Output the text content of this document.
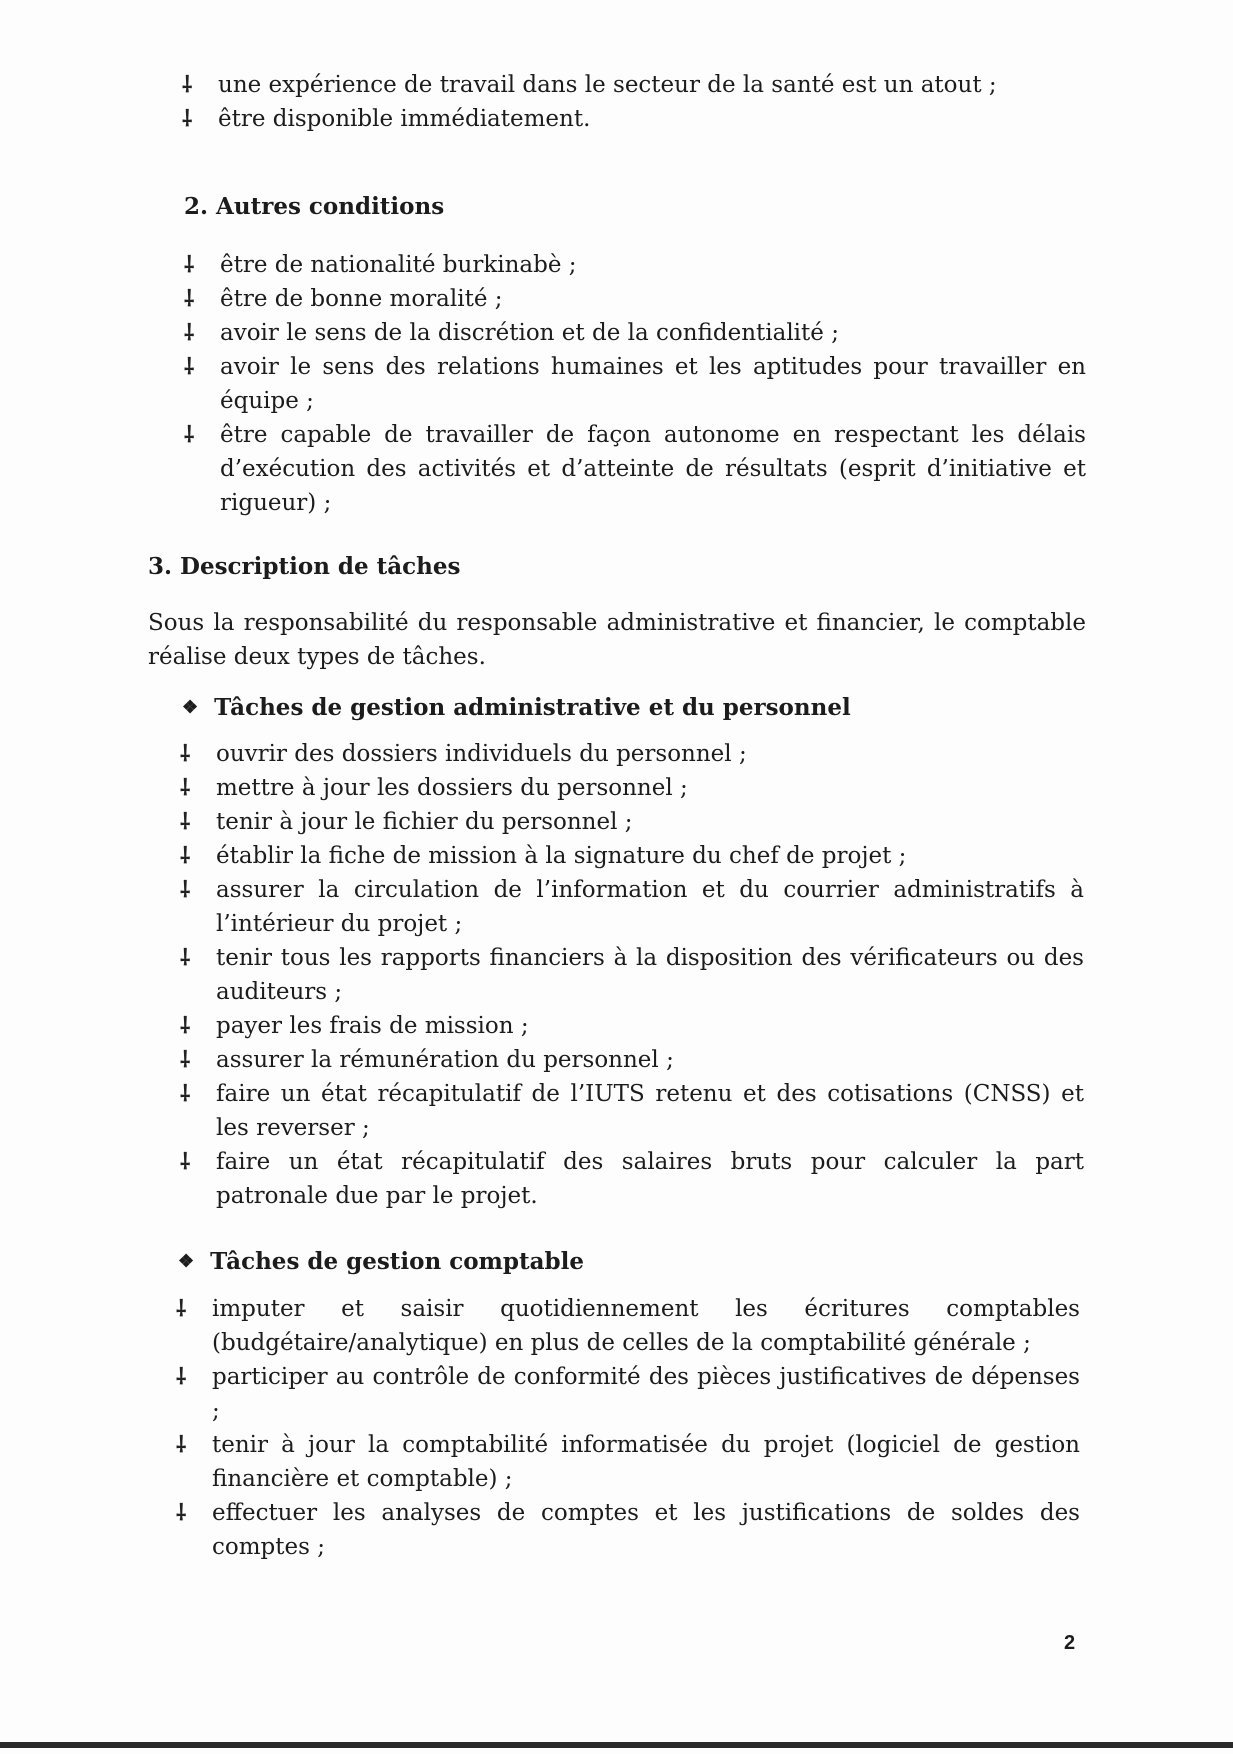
⸸ une expérience de travail dans le secteur de la santé est un atout ;
⸸ être disponible immédiatement.
2. Autres conditions
⸸ être de nationalité burkinabè ;
⸸ être de bonne moralité ;
⸸ avoir le sens de la discrétion et de la confidentialité ;
⸸ avoir le sens des relations humaines et les aptitudes pour travailler en équipe ;
⸸ être capable de travailler de façon autonome en respectant les délais d’exécution des activités et d’atteinte de résultats (esprit d’initiative et rigueur) ;
3. Description de tâches
Sous la responsabilité du responsable administrative et financier, le comptable réalise deux types de tâches.
❖ Tâches de gestion administrative et du personnel
⸸ ouvrir des dossiers individuels du personnel ;
⸸ mettre à jour les dossiers du personnel ;
⸸ tenir à jour le fichier du personnel ;
⸸ établir la fiche de mission à la signature du chef de projet ;
⸸ assurer la circulation de l’information et du courrier administratifs à l’intérieur du projet ;
⸸ tenir tous les rapports financiers à la disposition des vérificateurs ou des auditeurs ;
⸸ payer les frais de mission ;
⸸ assurer la rémunération du personnel ;
⸸ faire un état récapitulatif de l’IUTS retenu et des cotisations (CNSS) et les reverser ;
⸸ faire un état récapitulatif des salaires bruts pour calculer la part patronale due par le projet.
❖ Tâches de gestion comptable
⸸ imputer et saisir quotidiennement les écritures comptables (budgétaire/analytique) en plus de celles de la comptabilité générale ;
⸸ participer au contrôle de conformité des pièces justificatives de dépenses ;
⸸ tenir à jour la comptabilité informatisée du projet (logiciel de gestion financière et comptable) ;
⸸ effectuer les analyses de comptes et les justifications de soldes des comptes ;
2
